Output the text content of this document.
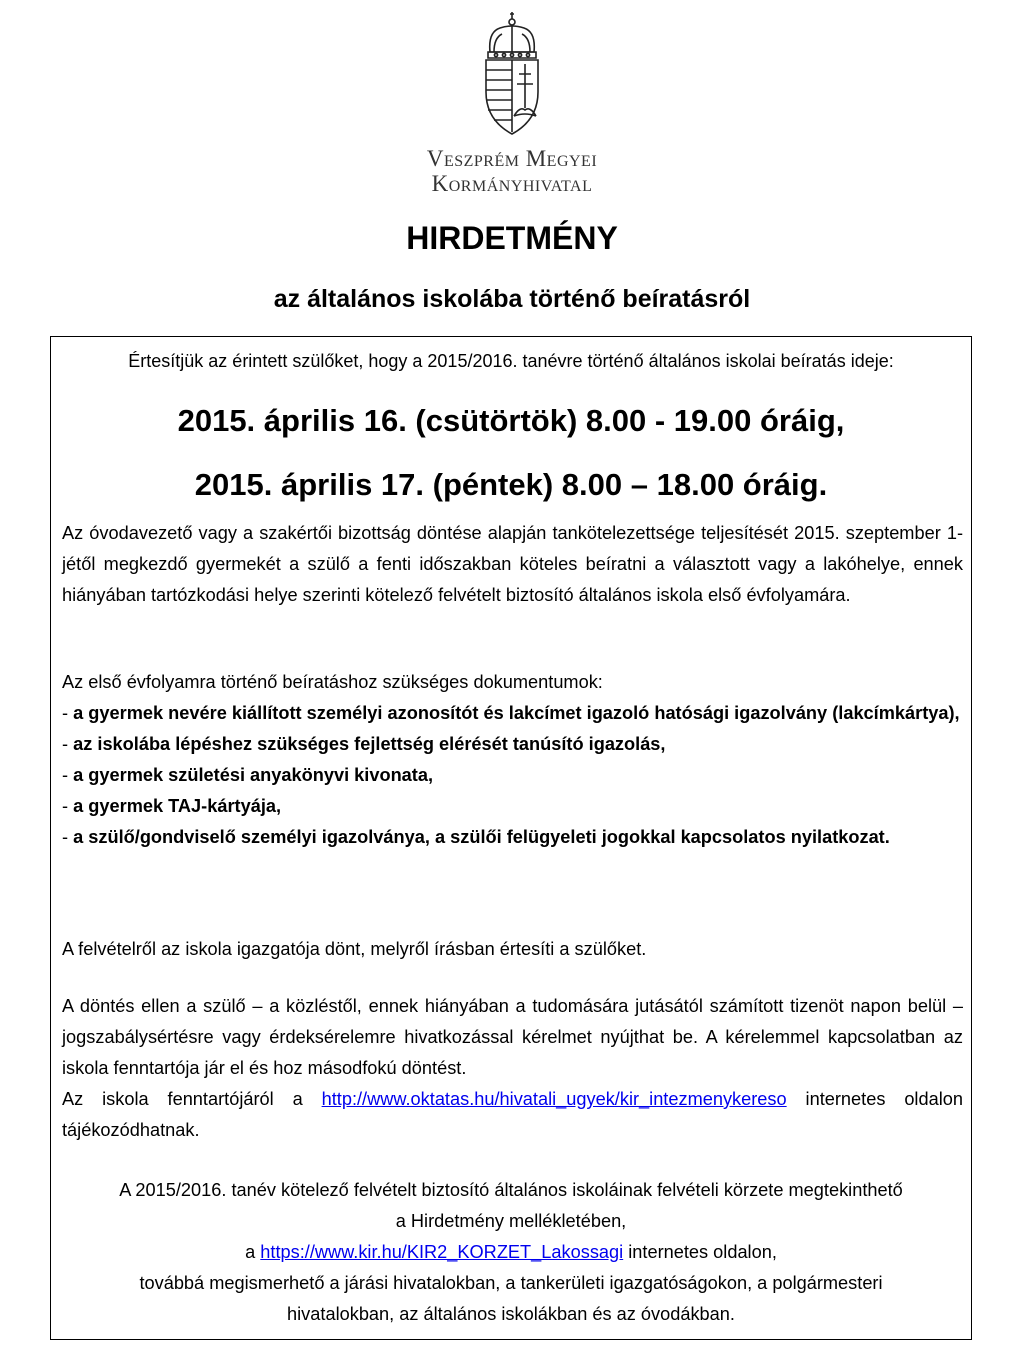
Veszprém Megyei
Kormányhivatal
HIRDETMÉNY
az általános iskolába történő beíratásról
Értesítjük az érintett szülőket, hogy a 2015/2016. tanévre történő általános iskolai beíratás ideje:
2015. április 16. (csütörtök) 8.00 - 19.00 óráig,
2015. április 17. (péntek) 8.00 – 18.00 óráig.
Az óvodavezető vagy a szakértői bizottság döntése alapján tankötelezettsége teljesítését 2015. szeptember 1-jétől megkezdő gyermekét a szülő a fenti időszakban köteles beíratni a választott vagy a lakóhelye, ennek hiányában tartózkodási helye szerinti kötelező felvételt biztosító általános iskola első évfolyamára.
Az első évfolyamra történő beíratáshoz szükséges dokumentumok:
- a gyermek nevére kiállított személyi azonosítót és lakcímet igazoló hatósági igazolvány (lakcímkártya),
- az iskolába lépéshez szükséges fejlettség elérését tanúsító igazolás,
- a gyermek születési anyakönyvi kivonata,
- a gyermek TAJ-kártyája,
- a szülő/gondviselő személyi igazolványa, a szülői felügyeleti jogokkal kapcsolatos nyilatkozat.
A felvételről az iskola igazgatója dönt, melyről írásban értesíti a szülőket.
A döntés ellen a szülő – a közléstől, ennek hiányában a tudomására jutásától számított tizenöt napon belül – jogszabálysértésre vagy érdeksérelemre hivatkozással kérelmet nyújthat be. A kérelemmel kapcsolatban az iskola fenntartója jár el és hoz másodfokú döntést.
Az iskola fenntartójáról a http://www.oktatas.hu/hivatali_ugyek/kir_intezmenykereso internetes oldalon tájékozódhatnak.
A 2015/2016. tanév kötelező felvételt biztosító általános iskoláinak felvételi körzete megtekinthető
a Hirdetmény mellékletében,
a https://www.kir.hu/KIR2_KORZET_Lakossagi internetes oldalon,
továbbá megismerhető a járási hivatalokban, a tankerületi igazgatóságokon, a polgármesteri
hivatalokban, az általános iskolákban és az óvodákban.
